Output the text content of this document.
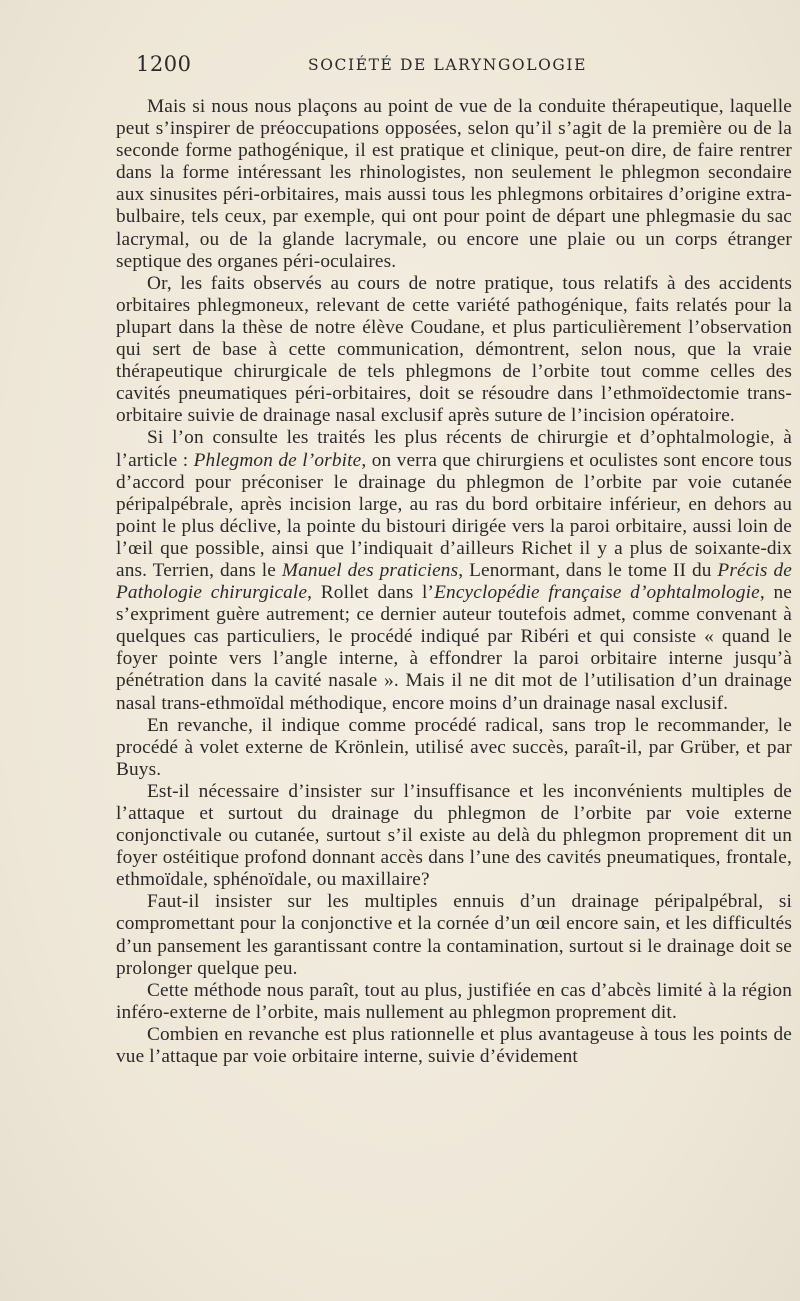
1200	SOCIÉTÉ DE LARYNGOLOGIE

Mais si nous nous plaçons au point de vue de la conduite thérapeutique, laquelle peut s’inspirer de préoccupations opposées, selon qu’il s’agit de la première ou de la seconde forme pathogénique, il est pratique et clinique, peut-on dire, de faire rentrer dans la forme intéressant les rhinologistes, non seulement le phlegmon secondaire aux sinusites péri-orbitaires, mais aussi tous les phlegmons orbitaires d’origine extra-bulbaire, tels ceux, par exemple, qui ont pour point de départ une phlegmasie du sac lacrymal, ou de la glande lacrymale, ou encore une plaie ou un corps étranger septique des organes péri-oculaires.

Or, les faits observés au cours de notre pratique, tous relatifs à des accidents orbitaires phlegmoneux, relevant de cette variété pathogénique, faits relatés pour la plupart dans la thèse de notre élève Coudane, et plus particulièrement l’observation qui sert de base à cette communication, démontrent, selon nous, que la vraie thérapeutique chirurgicale de tels phlegmons de l’orbite tout comme celles des cavités pneumatiques péri-orbitaires, doit se résoudre dans l’ethmoïdectomie trans-orbitaire suivie de drainage nasal exclusif après suture de l’incision opératoire.

Si l’on consulte les traités les plus récents de chirurgie et d’ophtalmologie, à l’article : Phlegmon de l’orbite, on verra que chirurgiens et oculistes sont encore tous d’accord pour préconiser le drainage du phlegmon de l’orbite par voie cutanée péripalpébrale, après incision large, au ras du bord orbitaire inférieur, en dehors au point le plus déclive, la pointe du bistouri dirigée vers la paroi orbitaire, aussi loin de l’œil que possible, ainsi que l’indiquait d’ailleurs Richet il y a plus de soixante-dix ans. Terrien, dans le Manuel des praticiens, Lenormant, dans le tome II du Précis de Pathologie chirurgicale, Rollet dans l’Encyclopédie française d’ophtalmologie, ne s’expriment guère autrement; ce dernier auteur toutefois admet, comme convenant à quelques cas particuliers, le procédé indiqué par Ribéri et qui consiste « quand le foyer pointe vers l’angle interne, à effondrer la paroi orbitaire interne jusqu’à pénétration dans la cavité nasale ». Mais il ne dit mot de l’utilisation d’un drainage nasal trans-ethmoïdal méthodique, encore moins d’un drainage nasal exclusif.

En revanche, il indique comme procédé radical, sans trop le recommander, le procédé à volet externe de Krönlein, utilisé avec succès, paraît-il, par Grüber, et par Buys.

Est-il nécessaire d’insister sur l’insuffisance et les inconvénients multiples de l’attaque et surtout du drainage du phlegmon de l’orbite par voie externe conjonctivale ou cutanée, surtout s’il existe au delà du phlegmon proprement dit un foyer ostéitique profond donnant accès dans l’une des cavités pneumatiques, frontale, ethmoïdale, sphénoïdale, ou maxillaire?

Faut-il insister sur les multiples ennuis d’un drainage péripalpébral, si compromettant pour la conjonctive et la cornée d’un œil encore sain, et les difficultés d’un pansement les garantissant contre la contamination, surtout si le drainage doit se prolonger quelque peu.

Cette méthode nous paraît, tout au plus, justifiée en cas d’abcès limité à la région inféro-externe de l’orbite, mais nullement au phlegmon proprement dit.

Combien en revanche est plus rationnelle et plus avantageuse à tous les points de vue l’attaque par voie orbitaire interne, suivie d’évidement
